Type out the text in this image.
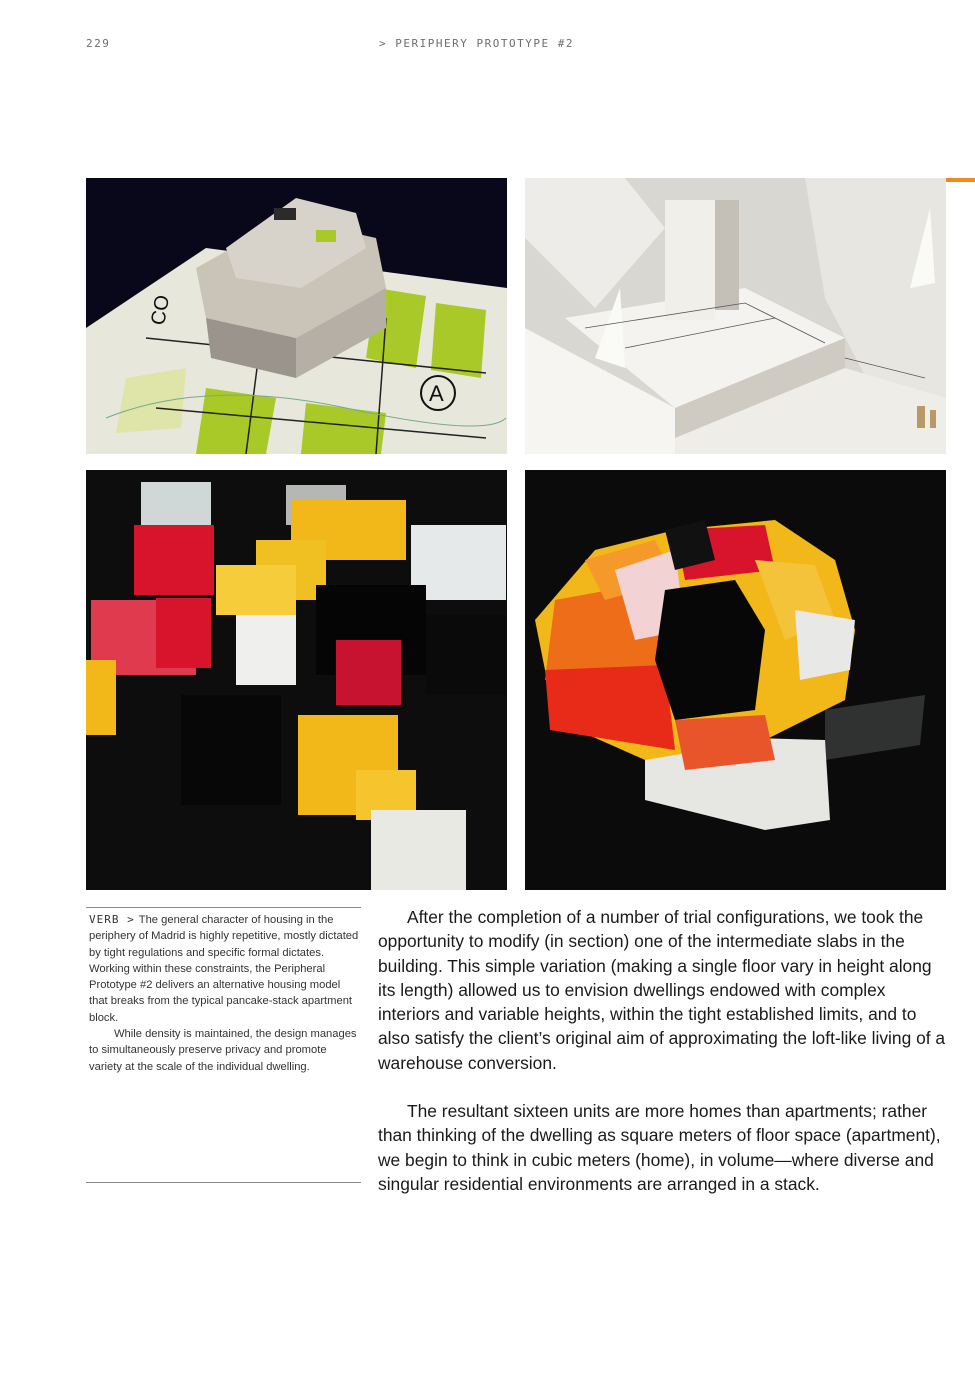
229	> PERIPHERY PROTOTYPE #2
CO
A

VERB > The general character of housing in the periphery of Madrid is highly repetitive, mostly dictated by tight regulations and specific formal dictates. Working within these constraints, the Peripheral Prototype #2 delivers an alternative housing model that breaks from the typical pancake-stack apartment block.

While density is maintained, the design manages to simultaneously preserve privacy and promote variety at the scale of the individual dwelling.

After the completion of a number of trial configurations, we took the opportunity to modify (in section) one of the intermediate slabs in the building. This simple variation (making a single floor vary in height along its length) allowed us to envision dwellings endowed with complex interiors and variable heights, within the tight established limits, and to also satisfy the client’s original aim of approximating the loft-like living of a warehouse conversion.

The resultant sixteen units are more homes than apartments; rather than thinking of the dwelling as square meters of floor space (apartment), we begin to think in cubic meters (home), in volume—where diverse and singular residential environments are arranged in a stack.
